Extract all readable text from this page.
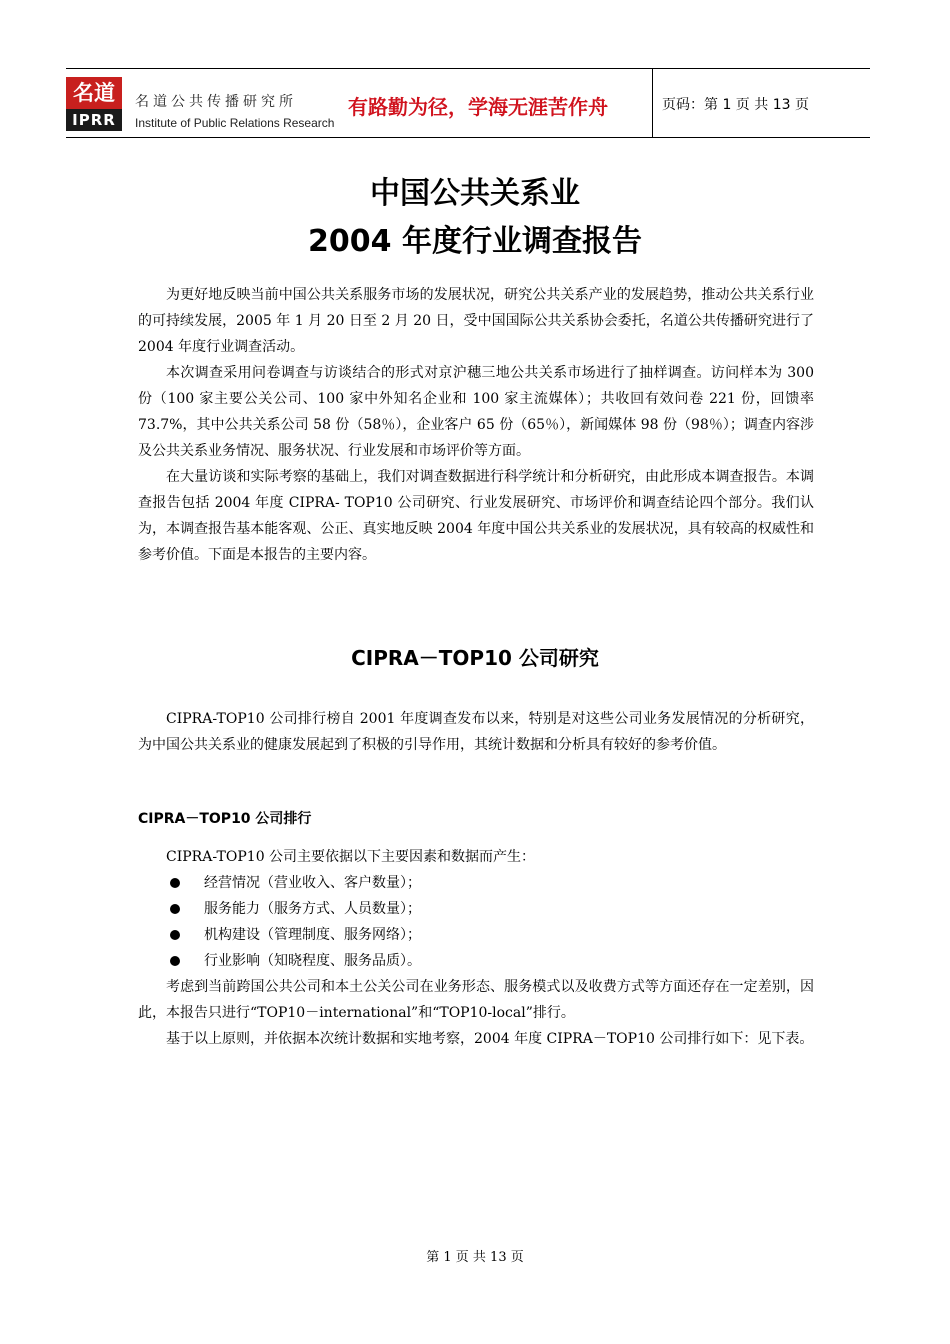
名道
IPRR
名道公共传播研究所
Institute of Public Relations Research
有路勤为径，学海无涯苦作舟	页码：第 1 页 共 13 页
中国公共关系业
2004 年度行业调查报告

为更好地反映当前中国公共关系服务市场的发展状况，研究公共关系产业的发展趋势，推动公共关系行业的可持续发展，2005 年 1 月 20 日至 2 月 20 日，受中国国际公共关系协会委托，名道公共传播研究进行了 2004 年度行业调查活动。

本次调查采用问卷调查与访谈结合的形式对京沪穗三地公共关系市场进行了抽样调查。访问样本为 300 份（100 家主要公关公司、100 家中外知名企业和 100 家主流媒体）；共收回有效问卷 221 份，回馈率 73.7%，其中公共关系公司 58 份（58％），企业客户 65 份（65％），新闻媒体 98 份（98％）；调查内容涉及公共关系业务情况、服务状况、行业发展和市场评价等方面。

在大量访谈和实际考察的基础上，我们对调查数据进行科学统计和分析研究，由此形成本调查报告。本调查报告包括 2004 年度 CIPRA- TOP10 公司研究、行业发展研究、市场评价和调查结论四个部分。我们认为，本调查报告基本能客观、公正、真实地反映 2004 年度中国公共关系业的发展状况，具有较高的权威性和参考价值。下面是本报告的主要内容。

CIPRA－TOP10 公司研究

CIPRA-TOP10 公司排行榜自 2001 年度调查发布以来，特别是对这些公司业务发展情况的分析研究，为中国公共关系业的健康发展起到了积极的引导作用，其统计数据和分析具有较好的参考价值。

CIPRA－TOP10 公司排行

CIPRA-TOP10 公司主要依据以下主要因素和数据而产生：

经营情况（营业收入、客户数量）；
服务能力（服务方式、人员数量）；
机构建设（管理制度、服务网络）；
行业影响（知晓程度、服务品质）。

考虑到当前跨国公共公司和本土公关公司在业务形态、服务模式以及收费方式等方面还存在一定差别，因此，本报告只进行“TOP10－international”和“TOP10-local”排行。

基于以上原则，并依据本次统计数据和实地考察，2004 年度 CIPRA－TOP10 公司排行如下：见下表。

第 1 页 共 13 页
